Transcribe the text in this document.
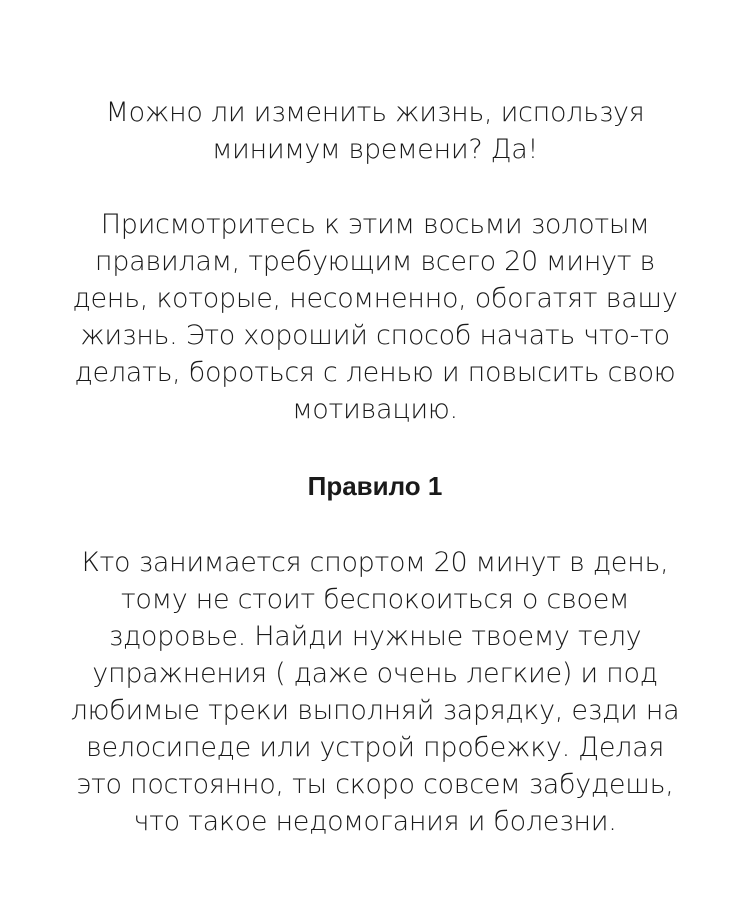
Можно ли изменить жизнь, используя
минимум времени? Да!
Присмотритесь к этим восьми золотым
правилам, требующим всего 20 минут в
день, которые, несомненно, обогатят вашу
жизнь. Это хороший способ начать что-то
делать, бороться с ленью и повысить свою
мотивацию.
Правило 1
Кто занимается спортом 20 минут в день,
тому не стоит беспокоиться о своем
здоровье. Найди нужные твоему телу
упражнения ( даже очень легкие) и под
любимые треки выполняй зарядку, езди на
велосипеде или устрой пробежку. Делая
это постоянно, ты скоро совсем забудешь,
что такое недомогания и болезни.
